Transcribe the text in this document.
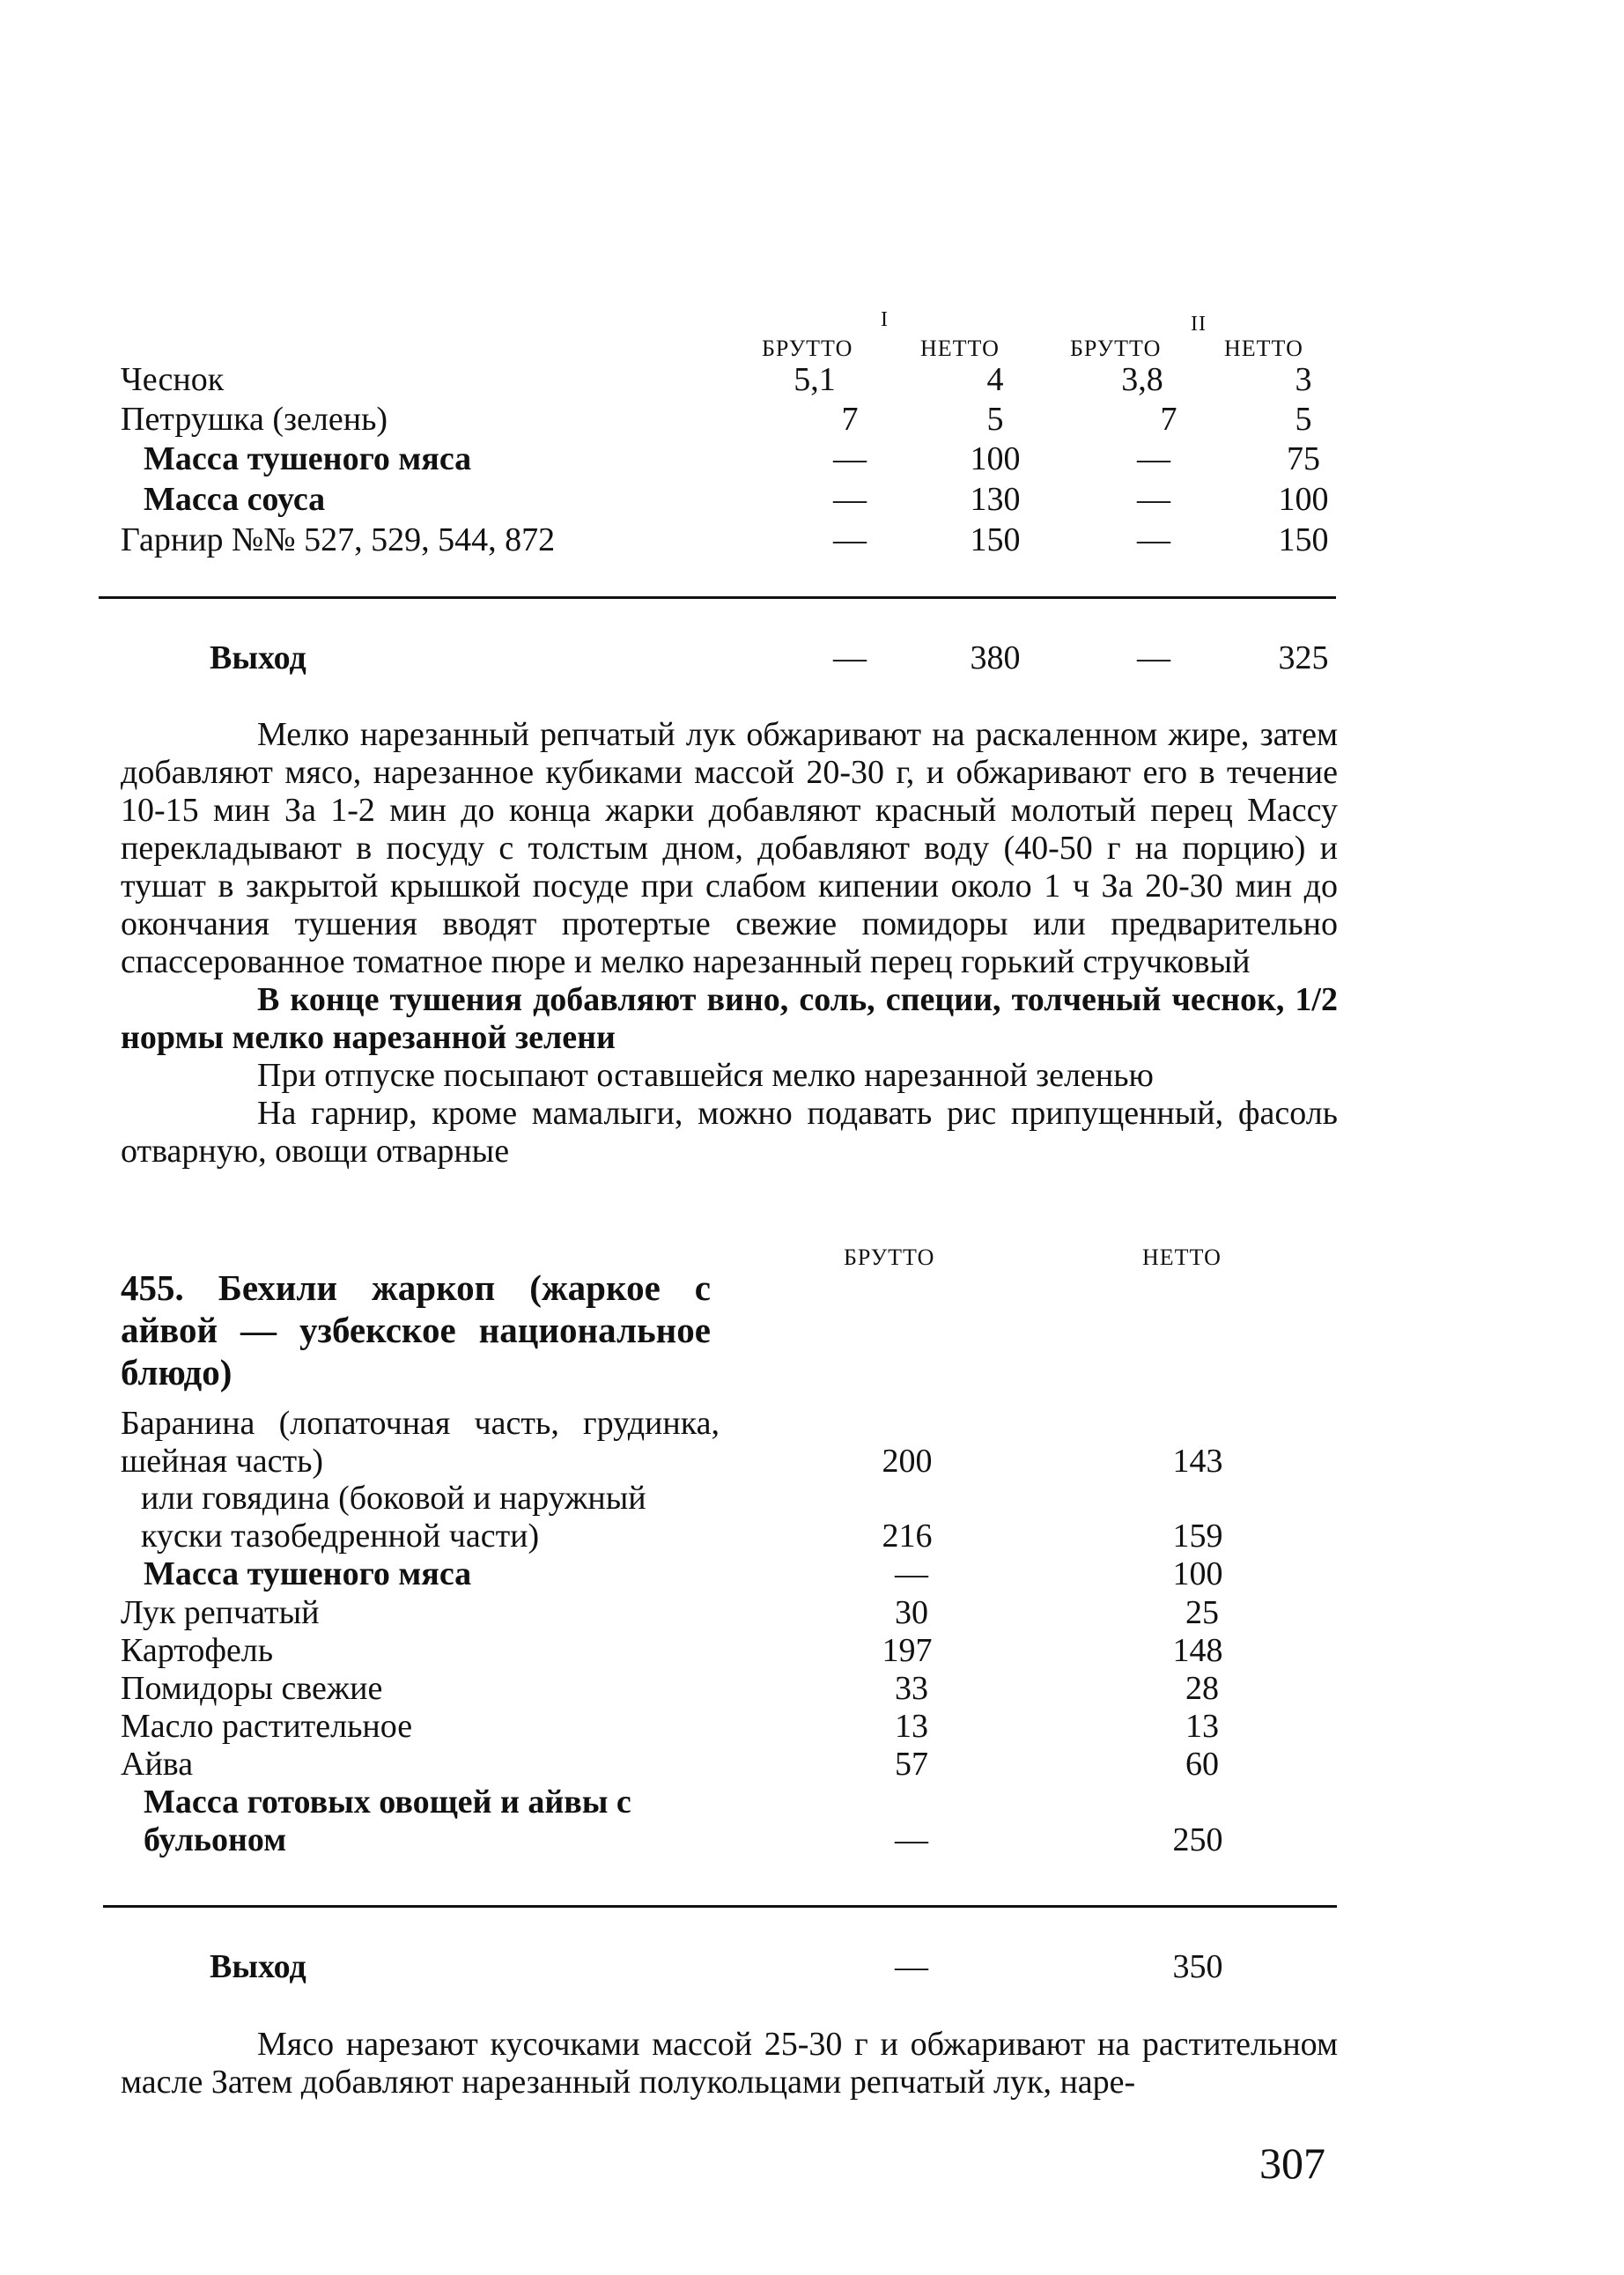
I	II
БРУТТО	НЕТТО	БРУТТО	НЕТТО
Чеснок	5,1	4	3,8	3
Петрушка (зелень)	7	5	7	5
Масса тушеного мяса	—	100	—	75
Масса соуса	—	130	—	100
Гарнир №№ 527, 529, 544, 872	—	150	—	150
Выход	—	380	—	325

Мелко нарезанный репчатый лук обжаривают на раскаленном жире, затем добавляют мясо, нарезанное кубиками массой 20-30 г, и обжаривают его в течение 10-15 мин За 1-2 мин до конца жарки добавляют красный молотый перец Массу перекладывают в посуду с толстым дном, добавляют воду (40-50 г на порцию) и тушат в закрытой крышкой посуде при слабом кипении около 1 ч За 20-30 мин до окончания тушения вводят протертые свежие помидоры или предварительно спассерованное томатное пюре и мелко нарезанный перец горький стручковый

В конце тушения добавляют вино, соль, специи, толченый чеснок, 1/2 нормы мелко нарезанной зелени

При отпуске посыпают оставшейся мелко нарезанной зеленью

На гарнир, кроме мамалыги, можно подавать рис припущенный, фасоль отварную, овощи отварные

БРУТТО	НЕТТО
455. Бехили жаркоп (жаркое с айвой — узбекское национальное блюдо)
Баранина (лопаточная часть, грудинка, шейная часть)	200	143
или говядина (боковой и наружный куски тазобедренной части)	216	159
Масса тушеного мяса	—	100
Лук репчатый	30	25
Картофель	197	148
Помидоры свежие	33	28
Масло растительное	13	13
Айва	57	60
Масса готовых овощей и айвы с бульоном	—	250
Выход	—	350

Мясо нарезают кусочками массой 25-30 г и обжаривают на растительном масле Затем добавляют нарезанный полукольцами репчатый лук, наре-

307
